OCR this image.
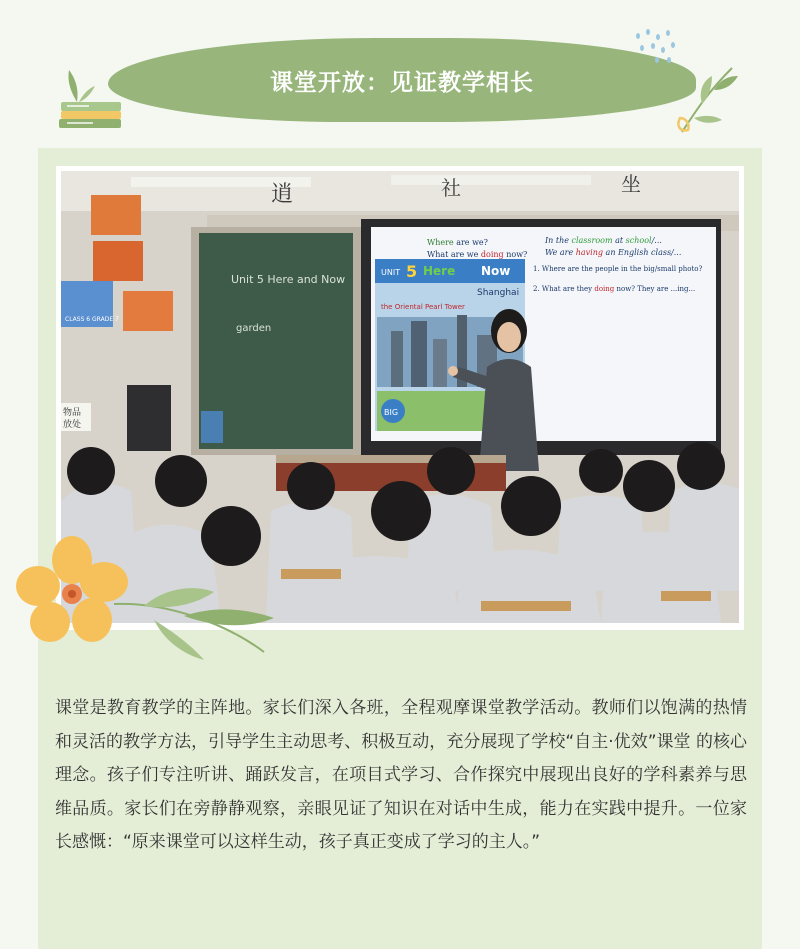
课堂开放：见证教学相长
逍	社	坐
CLASS 6 GRADE 7
物品
放处
Unit 5 Here and Now
garden
UNIT 5 Here Now
Shanghai
the Oriental Pearl Tower
BIG
Where are we?
What are we doing now?
In the classroom at school/...
We are having an English class/...
1. Where are the people in the big/small photo?
2. What are they doing now? They are ...ing...
课堂是教育教学的主阵地。家长们深入各班，全程观摩课堂教学活动。教师们以饱满的热情和灵活的教学方法，引导学生主动思考、积极互动，充分展现了学校“自主·优效”课堂 的核心理念。孩子们专注听讲、踊跃发言，在项目式学习、合作探究中展现出良好的学科素养与思维品质。家长们在旁静静观察，亲眼见证了知识在对话中生成，能力在实践中提升。一位家长感慨：“原来课堂可以这样生动，孩子真正变成了学习的主人。”
